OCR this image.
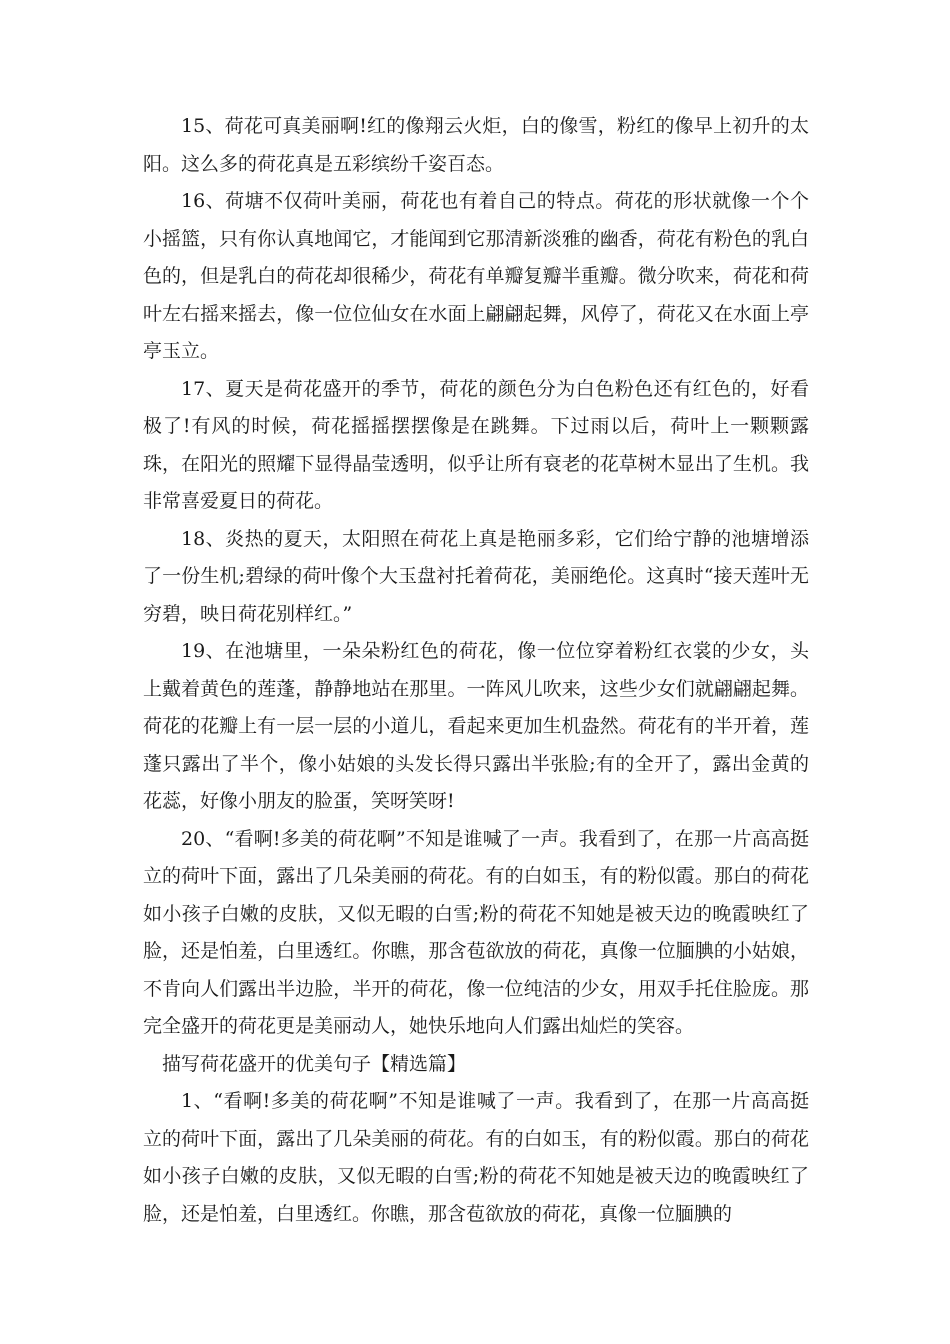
15、荷花可真美丽啊!红的像翔云火炬，白的像雪，粉红的像早上初升的太阳。这么多的荷花真是五彩缤纷千姿百态。

16、荷塘不仅荷叶美丽，荷花也有着自己的特点。荷花的形状就像一个个小摇篮，只有你认真地闻它，才能闻到它那清新淡雅的幽香，荷花有粉色的乳白色的，但是乳白的荷花却很稀少，荷花有单瓣复瓣半重瓣。微分吹来，荷花和荷叶左右摇来摇去，像一位位仙女在水面上翩翩起舞，风停了，荷花又在水面上亭亭玉立。

17、夏天是荷花盛开的季节，荷花的颜色分为白色粉色还有红色的，好看极了!有风的时候，荷花摇摇摆摆像是在跳舞。下过雨以后，荷叶上一颗颗露珠，在阳光的照耀下显得晶莹透明，似乎让所有衰老的花草树木显出了生机。我非常喜爱夏日的荷花。

18、炎热的夏天，太阳照在荷花上真是艳丽多彩，它们给宁静的池塘增添了一份生机;碧绿的荷叶像个大玉盘衬托着荷花，美丽绝伦。这真时“接天莲叶无穷碧，映日荷花别样红。”

19、在池塘里，一朵朵粉红色的荷花，像一位位穿着粉红衣裳的少女，头上戴着黄色的莲蓬，静静地站在那里。一阵风儿吹来，这些少女们就翩翩起舞。荷花的花瓣上有一层一层的小道儿，看起来更加生机盎然。荷花有的半开着，莲蓬只露出了半个，像小姑娘的头发长得只露出半张脸;有的全开了，露出金黄的花蕊，好像小朋友的脸蛋，笑呀笑呀!

20、“看啊!多美的荷花啊”不知是谁喊了一声。我看到了，在那一片高高挺立的荷叶下面，露出了几朵美丽的荷花。有的白如玉，有的粉似霞。那白的荷花如小孩子白嫩的皮肤，又似无暇的白雪;粉的荷花不知她是被天边的晚霞映红了脸，还是怕羞，白里透红。你瞧，那含苞欲放的荷花，真像一位腼腆的小姑娘，不肯向人们露出半边脸，半开的荷花，像一位纯洁的少女，用双手托住脸庞。那完全盛开的荷花更是美丽动人，她快乐地向人们露出灿烂的笑容。

描写荷花盛开的优美句子【精选篇】

1、“看啊!多美的荷花啊”不知是谁喊了一声。我看到了，在那一片高高挺立的荷叶下面，露出了几朵美丽的荷花。有的白如玉，有的粉似霞。那白的荷花如小孩子白嫩的皮肤，又似无暇的白雪;粉的荷花不知她是被天边的晚霞映红了脸，还是怕羞，白里透红。你瞧，那含苞欲放的荷花，真像一位腼腆的
